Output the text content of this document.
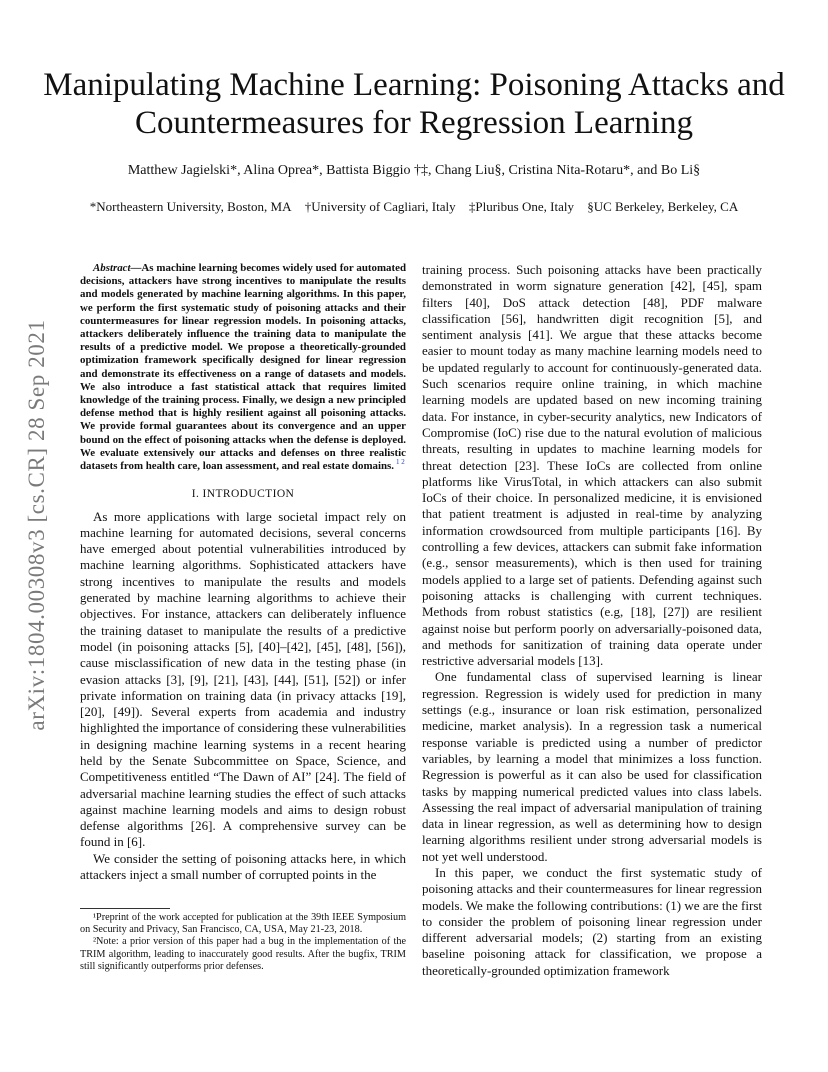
arXiv:1804.00308v3 [cs.CR] 28 Sep 2021
Manipulating Machine Learning: Poisoning Attacks and Countermeasures for Regression Learning
Matthew Jagielski*, Alina Oprea*, Battista Biggio †‡, Chang Liu§, Cristina Nita-Rotaru*, and Bo Li§
*Northeastern University, Boston, MA †University of Cagliari, Italy ‡Pluribus One, Italy §UC Berkeley, Berkeley, CA

Abstract—As machine learning becomes widely used for automated decisions, attackers have strong incentives to manipulate the results and models generated by machine learning algorithms. In this paper, we perform the first systematic study of poisoning attacks and their countermeasures for linear regression models. In poisoning attacks, attackers deliberately influence the training data to manipulate the results of a predictive model. We propose a theoretically-grounded optimization framework specifically designed for linear regression and demonstrate its effectiveness on a range of datasets and models. We also introduce a fast statistical attack that requires limited knowledge of the training process. Finally, we design a new principled defense method that is highly resilient against all poisoning attacks. We provide formal guarantees about its convergence and an upper bound on the effect of poisoning attacks when the defense is deployed. We evaluate extensively our attacks and defenses on three realistic datasets from health care, loan assessment, and real estate domains. $^{1 2}$

I. INTRODUCTION

As more applications with large societal impact rely on machine learning for automated decisions, several concerns have emerged about potential vulnerabilities introduced by machine learning algorithms. Sophisticated attackers have strong incentives to manipulate the results and models generated by machine learning algorithms to achieve their objectives. For instance, attackers can deliberately influence the training dataset to manipulate the results of a predictive model (in poisoning attacks [5], [40]–[42], [45], [48], [56]), cause misclassification of new data in the testing phase (in evasion attacks [3], [9], [21], [43], [44], [51], [52]) or infer private information on training data (in privacy attacks [19], [20], [49]). Several experts from academia and industry highlighted the importance of considering these vulnerabilities in designing machine learning systems in a recent hearing held by the Senate Subcommittee on Space, Science, and Competitiveness entitled “The Dawn of AI” [24]. The field of adversarial machine learning studies the effect of such attacks against machine learning models and aims to design robust defense algorithms [26]. A comprehensive survey can be found in [6].

We consider the setting of poisoning attacks here, in which attackers inject a small number of corrupted points in the

¹Preprint of the work accepted for publication at the 39th IEEE Symposium on Security and Privacy, San Francisco, CA, USA, May 21-23, 2018.

²Note: a prior version of this paper had a bug in the implementation of the TRIM algorithm, leading to inaccurately good results. After the bugfix, TRIM still significantly outperforms prior defenses.

training process. Such poisoning attacks have been practically demonstrated in worm signature generation [42], [45], spam filters [40], DoS attack detection [48], PDF malware classification [56], handwritten digit recognition [5], and sentiment analysis [41]. We argue that these attacks become easier to mount today as many machine learning models need to be updated regularly to account for continuously-generated data. Such scenarios require online training, in which machine learning models are updated based on new incoming training data. For instance, in cyber-security analytics, new Indicators of Compromise (IoC) rise due to the natural evolution of malicious threats, resulting in updates to machine learning models for threat detection [23]. These IoCs are collected from online platforms like VirusTotal, in which attackers can also submit IoCs of their choice. In personalized medicine, it is envisioned that patient treatment is adjusted in real-time by analyzing information crowdsourced from multiple participants [16]. By controlling a few devices, attackers can submit fake information (e.g., sensor measurements), which is then used for training models applied to a large set of patients. Defending against such poisoning attacks is challenging with current techniques. Methods from robust statistics (e.g, [18], [27]) are resilient against noise but perform poorly on adversarially-poisoned data, and methods for sanitization of training data operate under restrictive adversarial models [13].

One fundamental class of supervised learning is linear regression. Regression is widely used for prediction in many settings (e.g., insurance or loan risk estimation, personalized medicine, market analysis). In a regression task a numerical response variable is predicted using a number of predictor variables, by learning a model that minimizes a loss function. Regression is powerful as it can also be used for classification tasks by mapping numerical predicted values into class labels. Assessing the real impact of adversarial manipulation of training data in linear regression, as well as determining how to design learning algorithms resilient under strong adversarial models is not yet well understood.

In this paper, we conduct the first systematic study of poisoning attacks and their countermeasures for linear regression models. We make the following contributions: (1) we are the first to consider the problem of poisoning linear regression under different adversarial models; (2) starting from an existing baseline poisoning attack for classification, we propose a theoretically-grounded optimization framework
